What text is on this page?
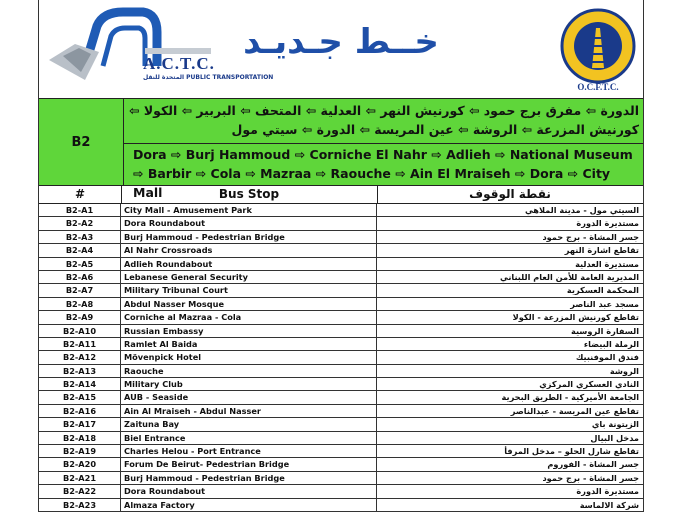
A.C.T.C.
المتحدة للنقل PUBLIC TRANSPORTATION
خــط جـديـد
O.C.F.T.C.
B2
الدورة ⇦ مفرق برج حمود ⇦ كورنيش النهر ⇦ العدلية ⇦ المتحف ⇦ البربير ⇦ الكولا ⇦ كورنيش المزرعة ⇦ الروشة ⇦ عين المريسة ⇦ الدورة ⇦ سيتي مول
Dora ⇨ Burj Hammoud ⇨ Corniche El Nahr ⇨ Adlieh ⇨ National Museum ⇨ Barbir ⇨ Cola ⇨ Mazraa ⇨ Raouche ⇨ Ain El Mraiseh ⇨ Dora ⇨ City Mall
#	Bus Stop	نقطة الوقوف
B2-A1	City Mall - Amusement Park	السيتي مول - مدينة الملاهي
B2-A2	Dora Roundabout	مستديرة الدورة
B2-A3	Burj Hammoud - Pedestrian Bridge	جسر المشاة - برج حمود
B2-A4	Al Nahr Crossroads	تقاطع اشارة النهر
B2-A5	Adlieh Roundabout	مستديرة العدلية
B2-A6	Lebanese General Security	المديرية العامة للأمن العام اللبناني
B2-A7	Military Tribunal Court	المحكمة العسكرية
B2-A8	Abdul Nasser Mosque	مسجد عبد الناصر
B2-A9	Corniche al Mazraa - Cola	تقاطع كورنيش المزرعة - الكولا
B2-A10	Russian Embassy	السفارة الروسية
B2-A11	Ramlet Al Baida	الرملة البيضاء
B2-A12	Mövenpick Hotel	فندق الموفنبيك
B2-A13	Raouche	الروشة
B2-A14	Military Club	النادي العسكري المركزي
B2-A15	AUB - Seaside	الجامعة الأميركية - الطريق البحرية
B2-A16	Ain Al Mraiseh - Abdul Nasser	تقاطع عين المريسة - عبدالناصر
B2-A17	Zaituna Bay	الزيتونة باي
B2-A18	Biel Entrance	مدخل البيال
B2-A19	Charles Helou - Port Entrance	تقاطع شارل الحلو – مدخل المرفأ
B2-A20	Forum De Beirut- Pedestrian Bridge	جسر المشاة - الفوروم
B2-A21	Burj Hammoud - Pedestrian Bridge	جسر المشاة - برج حمود
B2-A22	Dora Roundabout	مستديرة الدورة
B2-A23	Almaza Factory	شركة الالماسة
